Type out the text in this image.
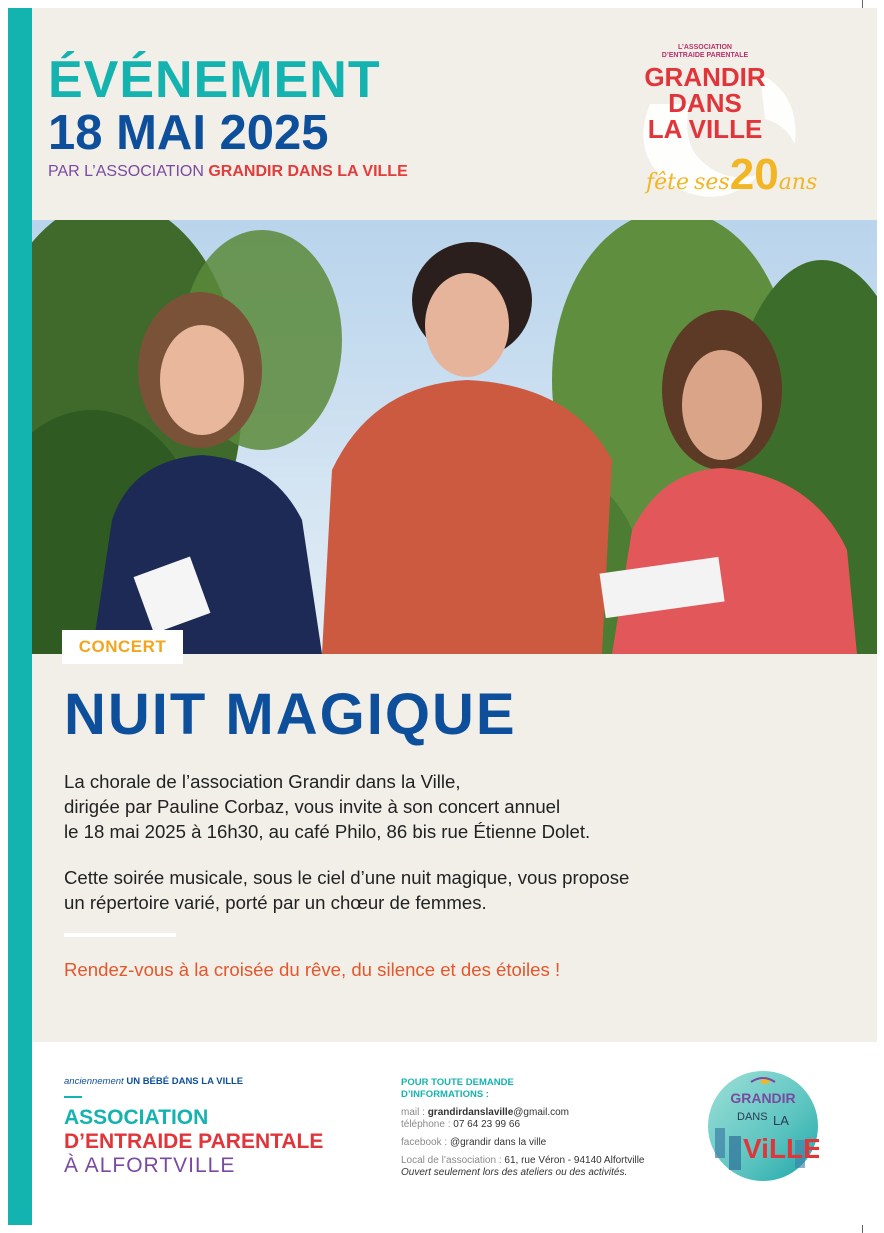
ÉVÉNEMENT
18 MAI 2025
PAR L’ASSOCIATION GRANDIR DANS LA VILLE
L’ASSOCIATION
D’ENTRAIDE PARENTALE
GRANDIR
DANS
LA VILLE
fête ses20ans
CONCERT
NUIT MAGIQUE
La chorale de l’association Grandir dans la Ville,
dirigée par Pauline Corbaz, vous invite à son concert annuel
le 18 mai 2025 à 16h30, au café Philo, 86 bis rue Étienne Dolet.
Cette soirée musicale, sous le ciel d’une nuit magique, vous propose
un répertoire varié, porté par un chœur de femmes.
Rendez-vous à la croisée du rêve, du silence et des étoiles !
anciennement UN BÉBÉ DANS LA VILLE
ASSOCIATION
D’ENTRAIDE PARENTALE
À ALFORTVILLE
POUR TOUTE DEMANDE
D’INFORMATIONS :
mail : grandirdanslaville@gmail.com
téléphone : 07 64 23 99 66
facebook : @grandir dans la ville
Local de l’association : 61, rue Véron - 94140 Alfortville
Ouvert seulement lors des ateliers ou des activités.
GRANDIR
DANS LA
ViLLE
